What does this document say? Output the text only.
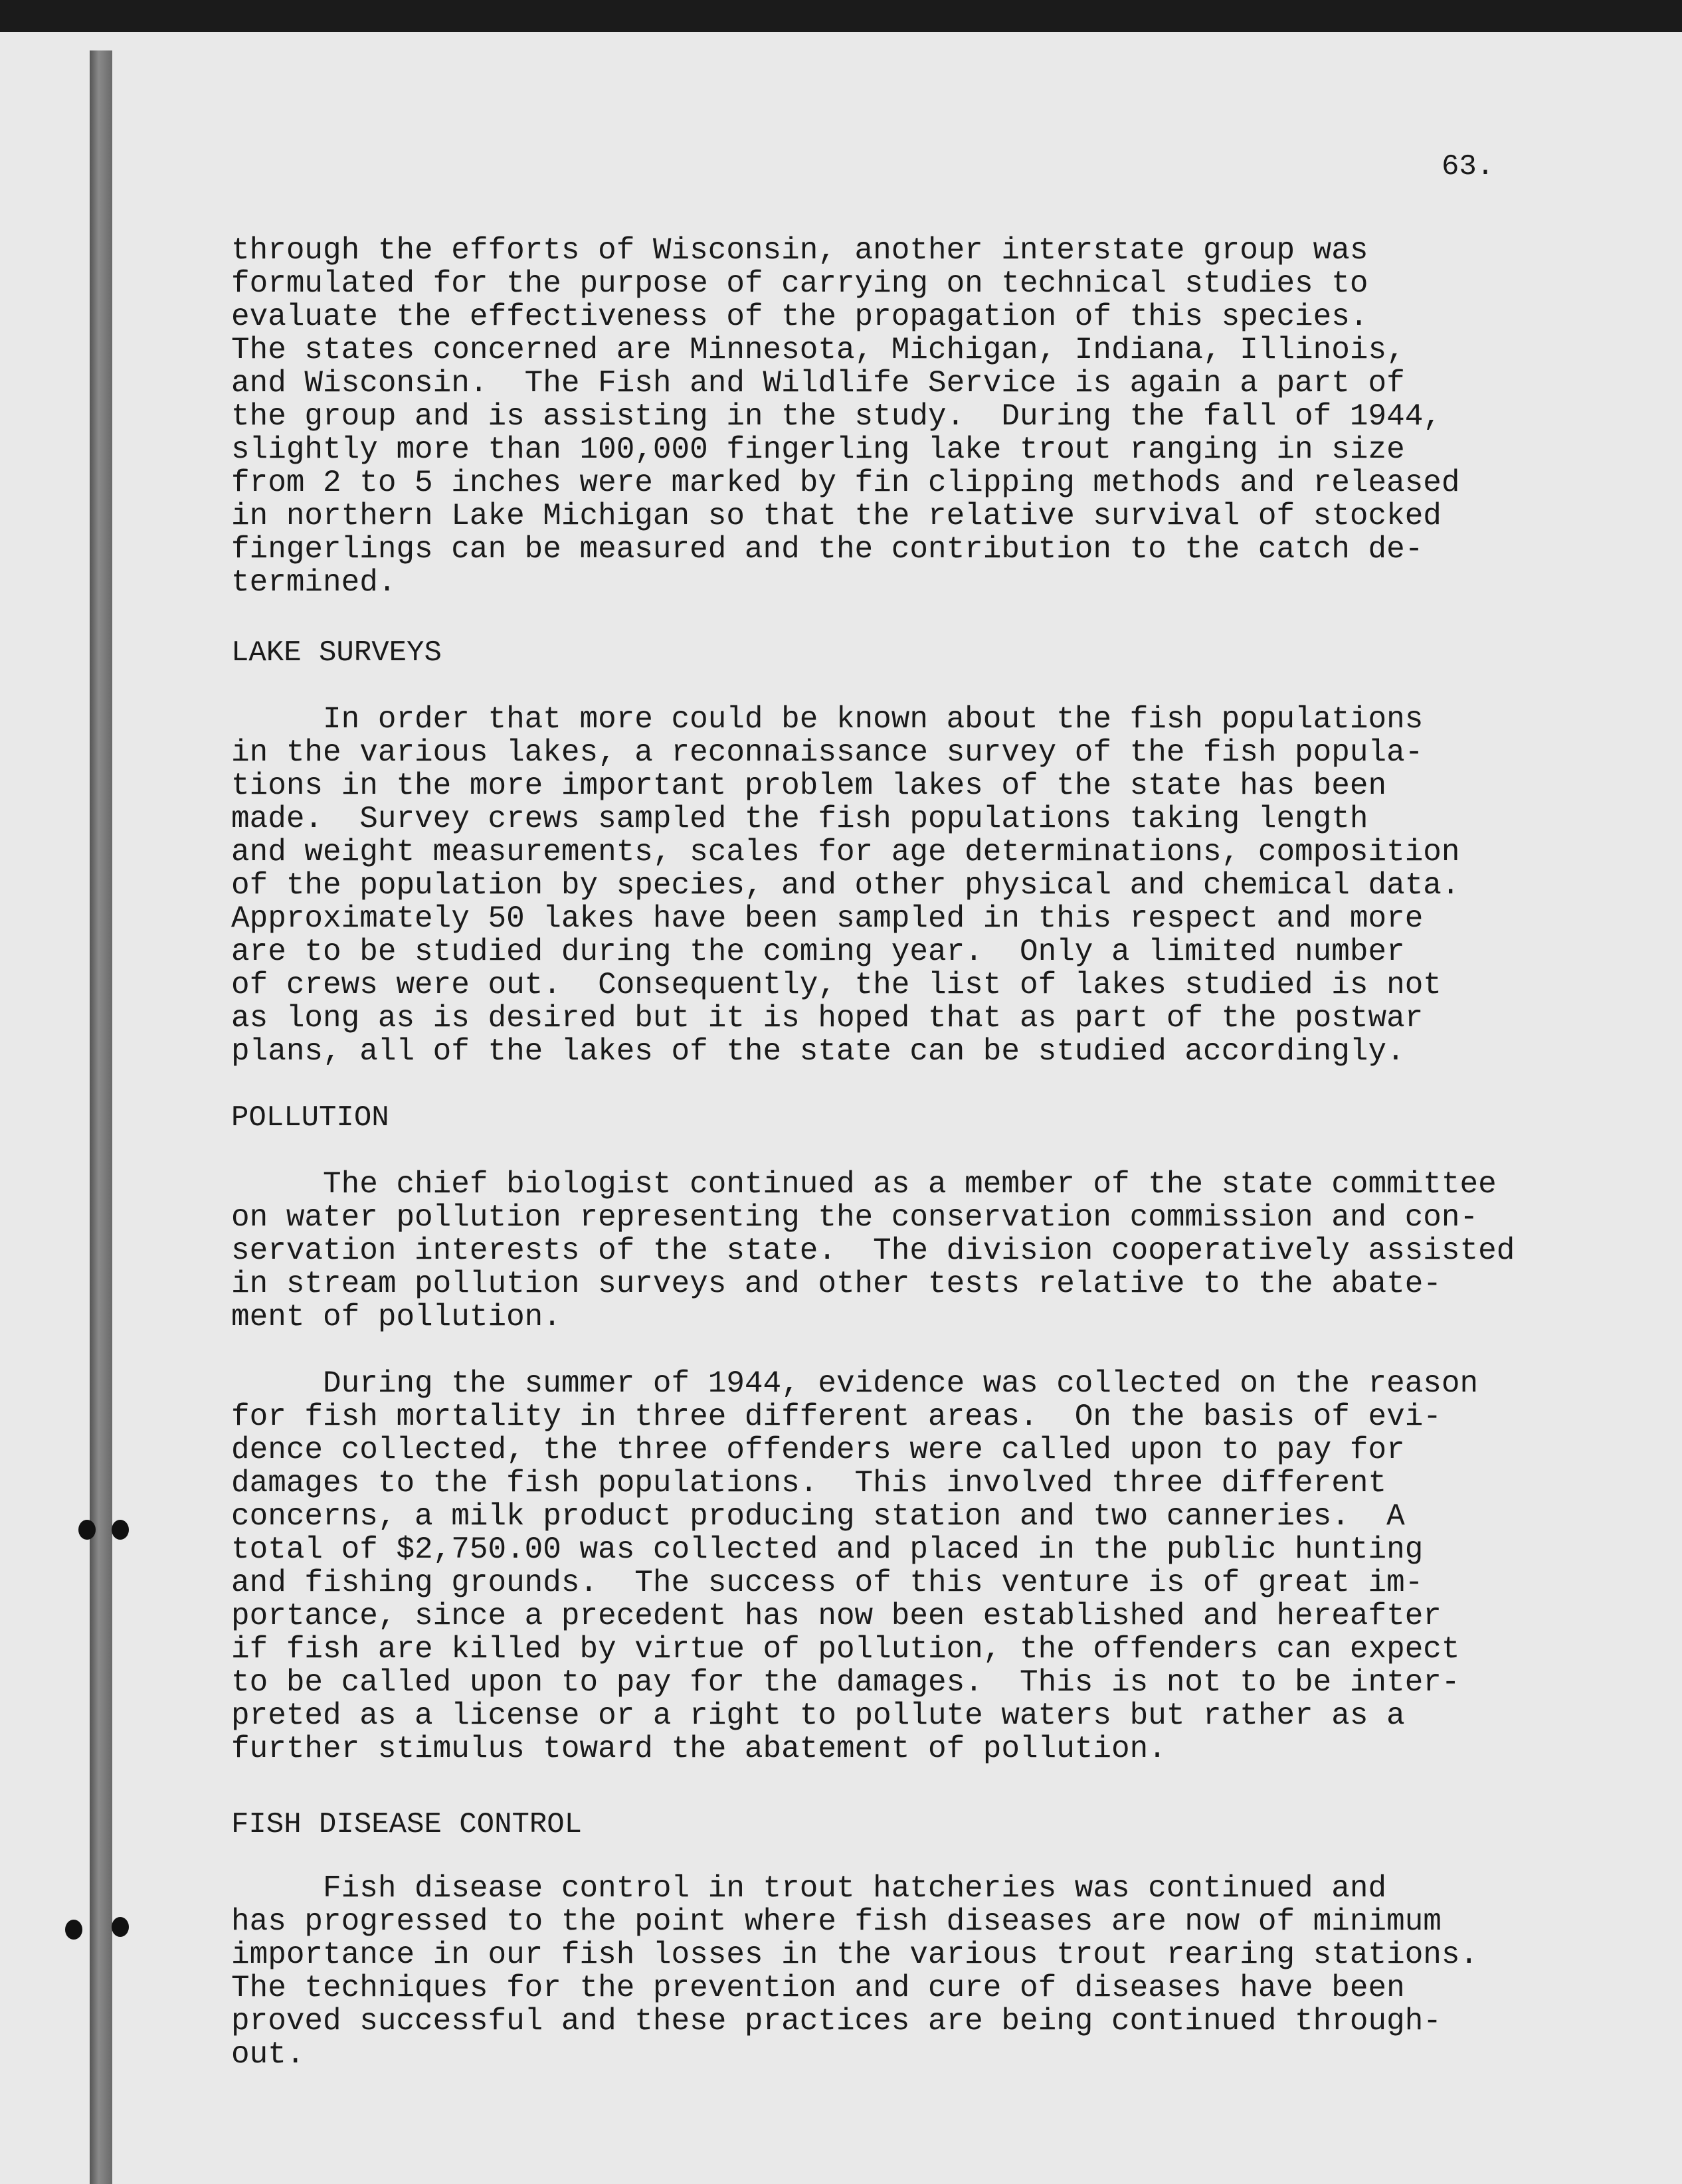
63.
through the efforts of Wisconsin, another interstate group was
formulated for the purpose of carrying on technical studies to
evaluate the effectiveness of the propagation of this species.
The states concerned are Minnesota, Michigan, Indiana, Illinois,
and Wisconsin.  The Fish and Wildlife Service is again a part of
the group and is assisting in the study.  During the fall of 1944,
slightly more than 100,000 fingerling lake trout ranging in size
from 2 to 5 inches were marked by fin clipping methods and released
in northern Lake Michigan so that the relative survival of stocked
fingerlings can be measured and the contribution to the catch de-
termined.
LAKE SURVEYS
In order that more could be known about the fish populations
in the various lakes, a reconnaissance survey of the fish popula-
tions in the more important problem lakes of the state has been
made.  Survey crews sampled the fish populations taking length
and weight measurements, scales for age determinations, composition
of the population by species, and other physical and chemical data.
Approximately 50 lakes have been sampled in this respect and more
are to be studied during the coming year.  Only a limited number
of crews were out.  Consequently, the list of lakes studied is not
as long as is desired but it is hoped that as part of the postwar
plans, all of the lakes of the state can be studied accordingly.
POLLUTION
The chief biologist continued as a member of the state committee
on water pollution representing the conservation commission and con-
servation interests of the state.  The division cooperatively assisted
in stream pollution surveys and other tests relative to the abate-
ment of pollution.
During the summer of 1944, evidence was collected on the reason
for fish mortality in three different areas.  On the basis of evi-
dence collected, the three offenders were called upon to pay for
damages to the fish populations.  This involved three different
concerns, a milk product producing station and two canneries.  A
total of $2,750.00 was collected and placed in the public hunting
and fishing grounds.  The success of this venture is of great im-
portance, since a precedent has now been established and hereafter
if fish are killed by virtue of pollution, the offenders can expect
to be called upon to pay for the damages.  This is not to be inter-
preted as a license or a right to pollute waters but rather as a
further stimulus toward the abatement of pollution.
FISH DISEASE CONTROL
Fish disease control in trout hatcheries was continued and
has progressed to the point where fish diseases are now of minimum
importance in our fish losses in the various trout rearing stations.
The techniques for the prevention and cure of diseases have been
proved successful and these practices are being continued through-
out.
